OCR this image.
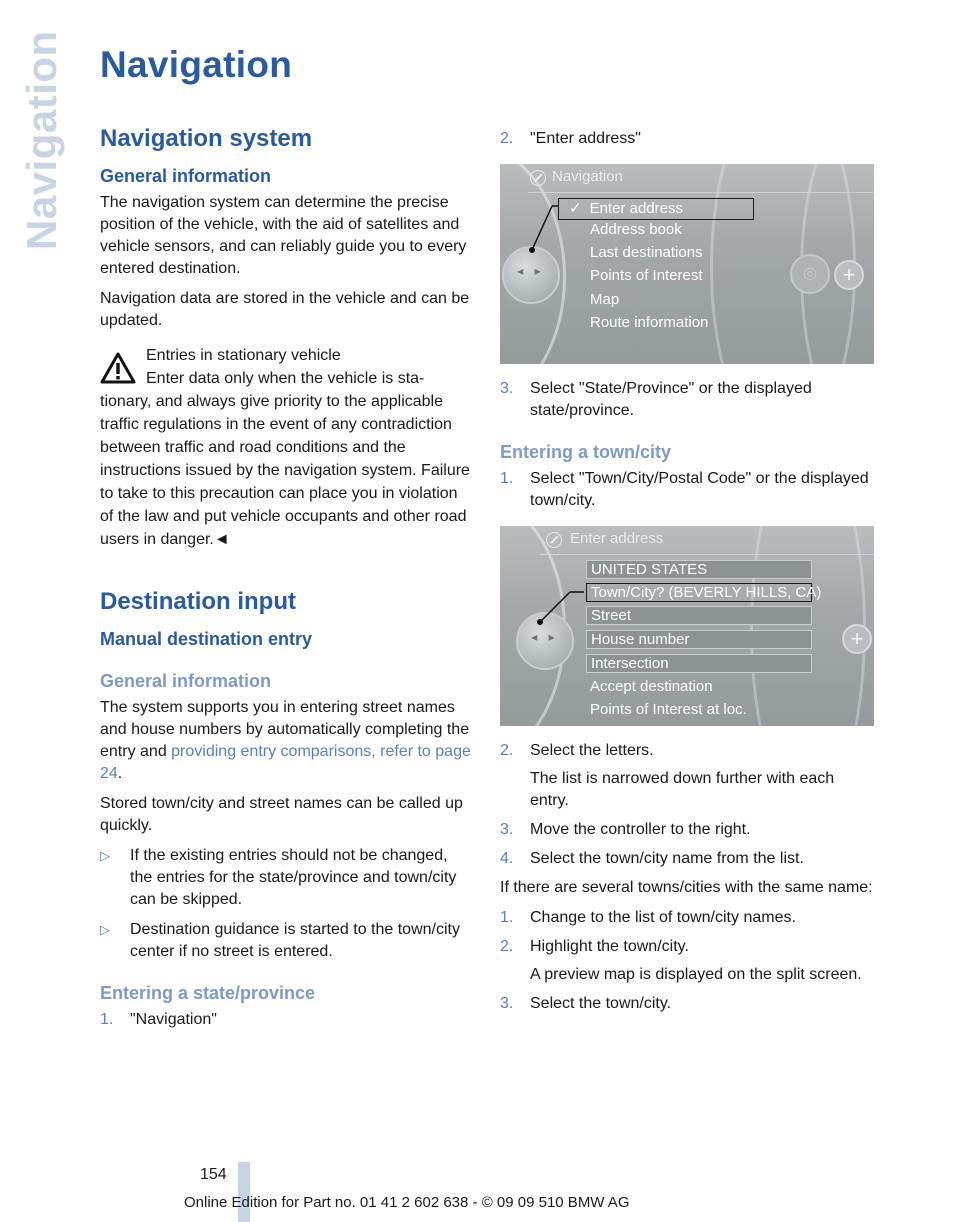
Navigation Navigation
Navigation system
General information

The navigation system can determine the precise position of the vehicle, with the aid of satellites and vehicle sensors, and can reliably guide you to every entered destination.

Navigation data are stored in the vehicle and can be updated.

Entries in stationary vehicle

Enter data only when the vehicle is sta-

tionary, and always give priority to the applicable traffic regulations in the event of any contradiction between traffic and road conditions and the instructions issued by the navigation system. Failure to take to this precaution can place you in violation of the law and put vehicle occupants and other road users in danger.◄

Destination input
Manual destination entry
General information

The system supports you in entering street names and house numbers by automatically completing the entry and providing entry comparisons, refer to page 24.

Stored town/city and street names can be called up quickly.

▷ If the existing entries should not be changed, the entries for the state/province and town/city can be skipped.
▷ Destination guidance is started to the town/city center if no street is entered.
Entering a state/province
1. "Navigation"
2. "Enter address"
Navigation
◂ ▸	◎	+
✓ Enter address
Address book
Last destinations
Points of Interest
Map
Route information
3. Select "State/Province" or the displayed state/province.
Entering a town/city
1. Select "Town/City/Postal Code" or the displayed town/city.
Enter address
◂ ▸	+
UNITED STATES
Town/City? (BEVERLY HILLS, CA)
Street
House number
Intersection
Accept destination
Points of Interest at loc.
2. Select the letters.
The list is narrowed down further with each entry.
3. Move the controller to the right.
4. Select the town/city name from the list.

If there are several towns/cities with the same name:

1. Change to the list of town/city names.
2. Highlight the town/city.
A preview map is displayed on the split screen.
3. Select the town/city.
154
Online Edition for Part no. 01 41 2 602 638 - © 09 09 510 BMW AG
